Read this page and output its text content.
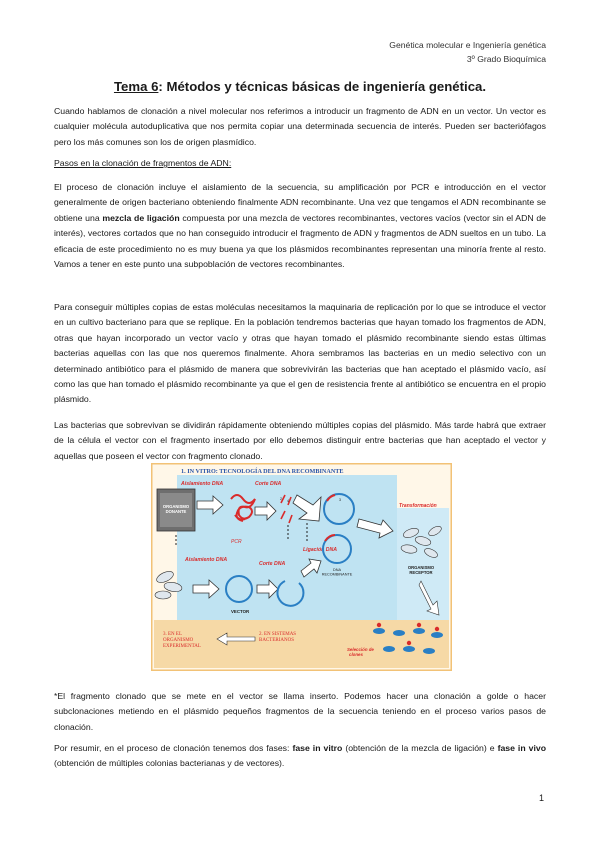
Genética molecular e Ingeniería genética
3º Grado Bioquímica
Tema 6: Métodos y técnicas básicas de ingeniería genética.
Cuando hablamos de clonación a nivel molecular nos referimos a introducir un fragmento de ADN en un vector. Un vector es cualquier molécula autoduplicativa que nos permita copiar una determinada secuencia de interés. Pueden ser bacteriófagos pero los más comunes son los de origen plasmídico.
Pasos en la clonación de fragmentos de ADN:
El proceso de clonación incluye el aislamiento de la secuencia, su amplificación por PCR e introducción en el vector generalmente de origen bacteriano obteniendo finalmente ADN recombinante. Una vez que tengamos el ADN recombinante se obtiene una mezcla de ligación compuesta por una mezcla de vectores recombinantes, vectores vacíos (vector sin el ADN de interés), vectores cortados que no han conseguido introducir el fragmento de ADN y fragmentos de ADN sueltos en un tubo. La eficacia de este procedimiento no es muy buena ya que los plásmidos recombinantes representan una minoría frente al resto. Vamos a tener en este punto una subpoblación de vectores recombinantes.
Para conseguir múltiples copias de estas moléculas necesitamos la maquinaria de replicación por lo que se introduce el vector en un cultivo bacteriano para que se replique. En la población tendremos bacterias que hayan tomado los fragmentos de ADN, otras que hayan incorporado un vector vacío y otras que hayan tomado el plásmido recombinante siendo estas últimas bacterias aquellas con las que nos queremos finalmente. Ahora sembramos las bacterias en un medio selectivo con un determinado antibiótico para el plásmido de manera que sobrevivirán las bacterias que han aceptado el plásmido vacío, así como las que han tomado el plásmido recombinante ya que el gen de resistencia frente al antibiótico se encuentra en el propio plásmido.
Las bacterias que sobrevivan se dividirán rápidamente obteniendo múltiples copias del plásmido. Más tarde habrá que extraer de la célula el vector con el fragmento insertado por ello debemos distinguir entre bacterias que han aceptado el vector y aquellas que poseen el vector con fragmento clonado.
1. IN VITRO: TECNOLOGÍA DEL DNA RECOMBINANTE
ORGANISMO DONANTE
Aislamiento DNA
PCR
Corte DNA
2 4	3
Transformación
ORGANISMO RECEPTOR
Aislamiento DNA
VECTOR
Corte DNA
Ligación DNA
DNA RECOMBINANTE
3. EN EL ORGANISMO EXPERIMENTAL
2. EN SISTEMAS BACTERIANOS
Selección de clones
*El fragmento clonado que se mete en el vector se llama inserto. Podemos hacer una clonación a golde o hacer subclonaciones metiendo en el plásmido pequeños fragmentos de la secuencia teniendo en el proceso varios pasos de clonación.
Por resumir, en el proceso de clonación tenemos dos fases: fase in vitro (obtención de la mezcla de ligación) e fase in vivo (obtención de múltiples colonias bacterianas y de vectores).
1
